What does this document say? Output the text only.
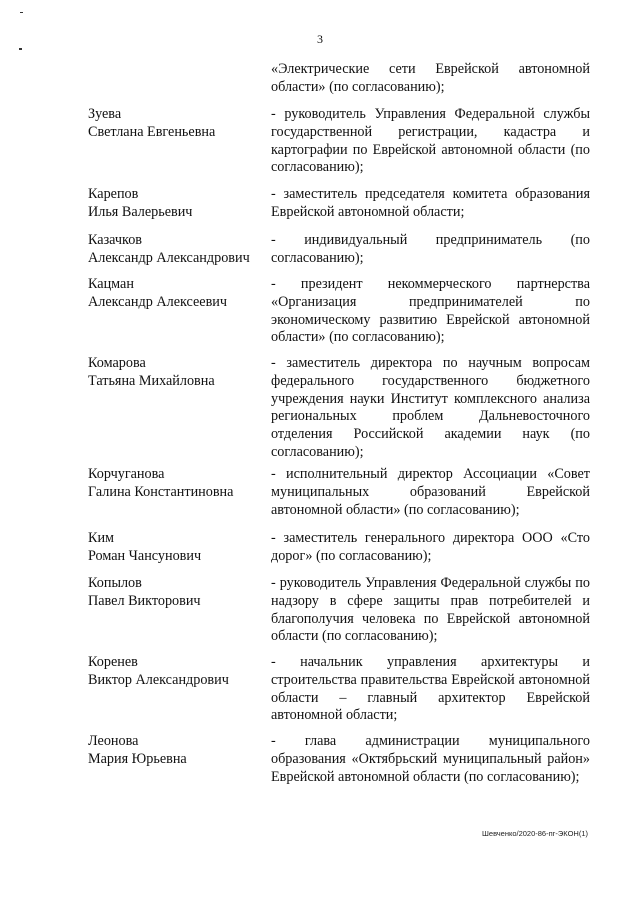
3
«Электрические сети Еврейской автономной области» (по согласованию);
Зуева
Светлана Евгеньевна
- руководитель Управления Федеральной службы государственной регистрации, кадастра и картографии по Еврейской автономной области (по согласованию);
Карепов
Илья Валерьевич
- заместитель председателя комитета образования Еврейской автономной области;
Казачков
Александр Александрович
- индивидуальный предприниматель (по согласованию);
Кацман
Александр Алексеевич
- президент некоммерческого партнерства «Организация предпринимателей по экономическому развитию Еврейской автономной области» (по согласованию);
Комарова
Татьяна Михайловна
- заместитель директора по научным вопросам федерального государственного бюджетного учреждения науки Институт комплексного анализа региональных проблем Дальневосточного отделения Российской академии наук (по согласованию);
Корчуганова
Галина Константиновна
- исполнительный директор Ассоциации «Совет муниципальных образований Еврейской автономной области» (по согласованию);
Ким
Роман Чансунович
- заместитель генерального директора ООО «Сто дорог» (по согласованию);
Копылов
Павел Викторович
- руководитель Управления Федеральной службы по надзору в сфере защиты прав потребителей и благополучия человека по Еврейской автономной области (по согласованию);
Коренев
Виктор Александрович
- начальник управления архитектуры и строительства правительства Еврейской автономной области – главный архитектор Еврейской автономной области;
Леонова
Мария Юрьевна
- глава администрации муниципального образования «Октябрьский муниципальный район» Еврейской автономной области (по согласованию);
Шевченко/2020-86-пг-ЭКОН(1)
